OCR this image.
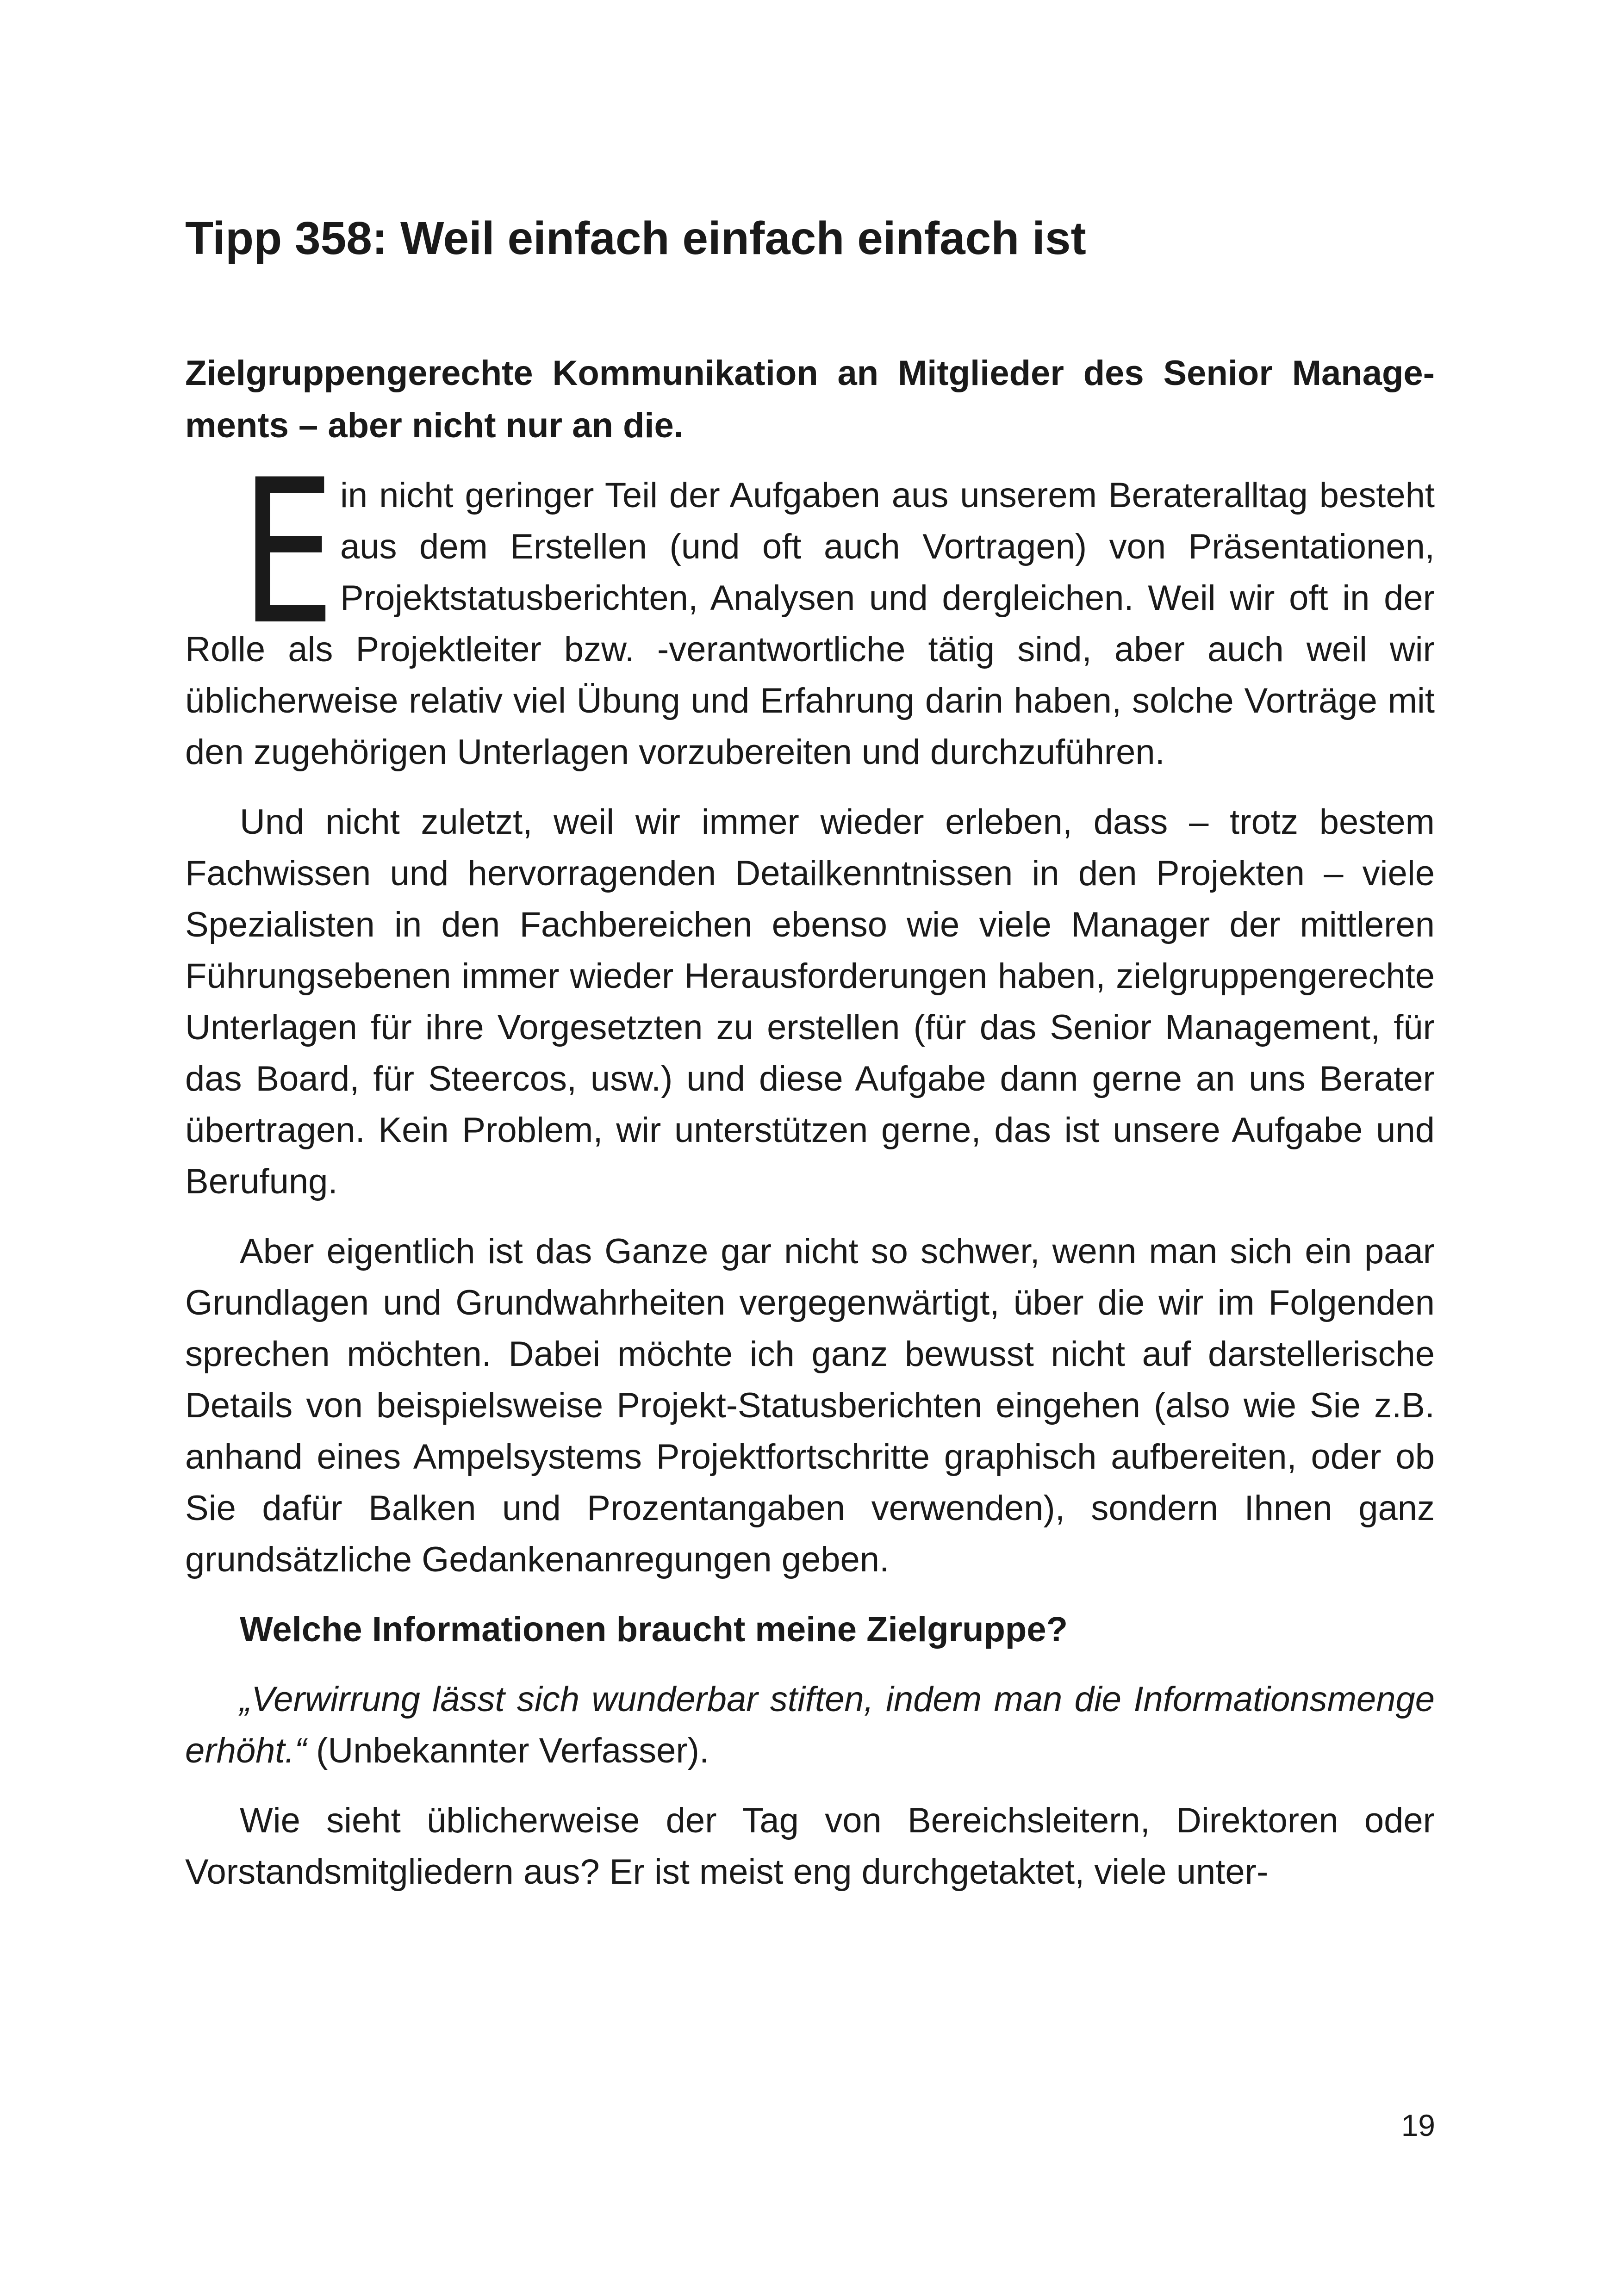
Tipp 358: Weil einfach einfach einfach ist
Zielgruppengerechte Kommunikation an Mitglieder des Senior Managements – aber nicht nur an die.

E in nicht geringer Teil der Aufgaben aus unserem Berateralltag besteht aus dem Erstellen (und oft auch Vortragen) von Präsentationen, Projektstatusberichten, Analysen und dergleichen. Weil wir oft in der Rolle als Projektleiter bzw. -verantwortliche tätig sind, aber auch weil wir üblicherweise relativ viel Übung und Erfahrung darin haben, solche Vorträge mit den zugehörigen Unterlagen vorzubereiten und durchzuführen.

Und nicht zuletzt, weil wir immer wieder erleben, dass – trotz bestem Fachwissen und hervorragenden Detailkenntnissen in den Projekten – viele Spezialisten in den Fachbereichen ebenso wie viele Manager der mittleren Führungsebenen immer wieder Herausforderungen haben, zielgruppengerechte Unterlagen für ihre Vorgesetzten zu erstellen (für das Senior Management, für das Board, für Steercos, usw.) und diese Aufgabe dann gerne an uns Berater übertragen. Kein Problem, wir unterstützen gerne, das ist unsere Aufgabe und Berufung.

Aber eigentlich ist das Ganze gar nicht so schwer, wenn man sich ein paar Grundlagen und Grundwahrheiten vergegenwärtigt, über die wir im Folgenden sprechen möchten. Dabei möchte ich ganz bewusst nicht auf darstellerische Details von beispielsweise Projekt-Statusberichten eingehen (also wie Sie z.B. anhand eines Ampelsystems Projektfortschritte graphisch aufbereiten, oder ob Sie dafür Balken und Prozentangaben verwenden), sondern Ihnen ganz grundsätzliche Gedankenanregungen geben.

Welche Informationen braucht meine Zielgruppe?

„Verwirrung lässt sich wunderbar stiften, indem man die Informationsmenge erhöht.“ (Unbekannter Verfasser).

Wie sieht üblicherweise der Tag von Bereichsleitern, Direktoren oder Vorstandsmitgliedern aus? Er ist meist eng durchgetaktet, viele unter-

19
